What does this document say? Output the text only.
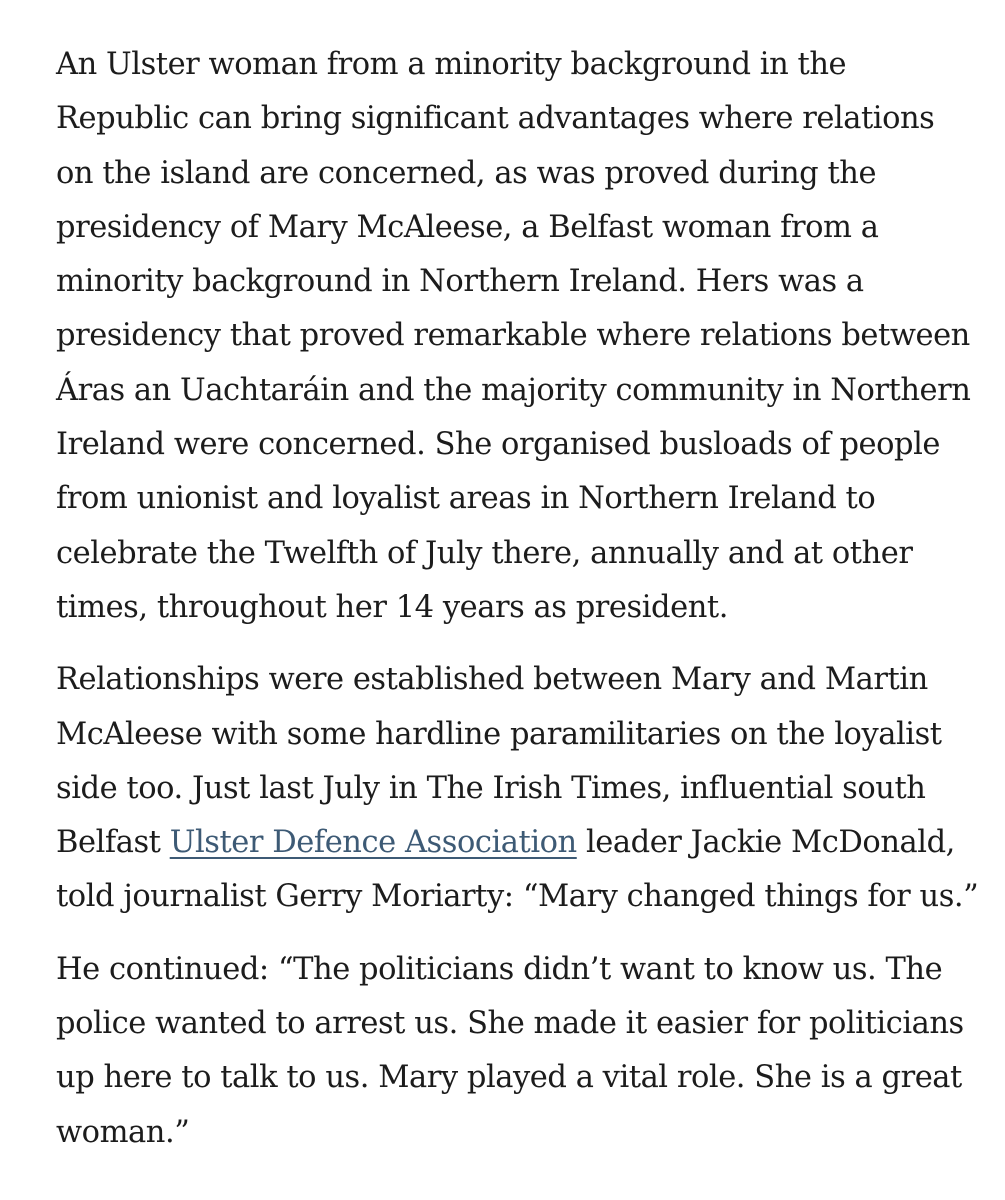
An Ulster woman from a minority background in the
Republic can bring significant advantages where relations
on the island are concerned, as was proved during the
presidency of Mary McAleese, a Belfast woman from a
minority background in Northern Ireland. Hers was a
presidency that proved remarkable where relations between
Áras an Uachtaráin and the majority community in Northern
Ireland were concerned. She organised busloads of people
from unionist and loyalist areas in Northern Ireland to
celebrate the Twelfth of July there, annually and at other
times, throughout her 14 years as president.

Relationships were established between Mary and Martin
McAleese with some hardline paramilitaries on the loyalist
side too. Just last July in The Irish Times, influential south
Belfast Ulster Defence Association leader Jackie McDonald,
told journalist Gerry Moriarty: “Mary changed things for us.”

He continued: “The politicians didn’t want to know us. The
police wanted to arrest us. She made it easier for politicians
up here to talk to us. Mary played a vital role. She is a great
woman.”
